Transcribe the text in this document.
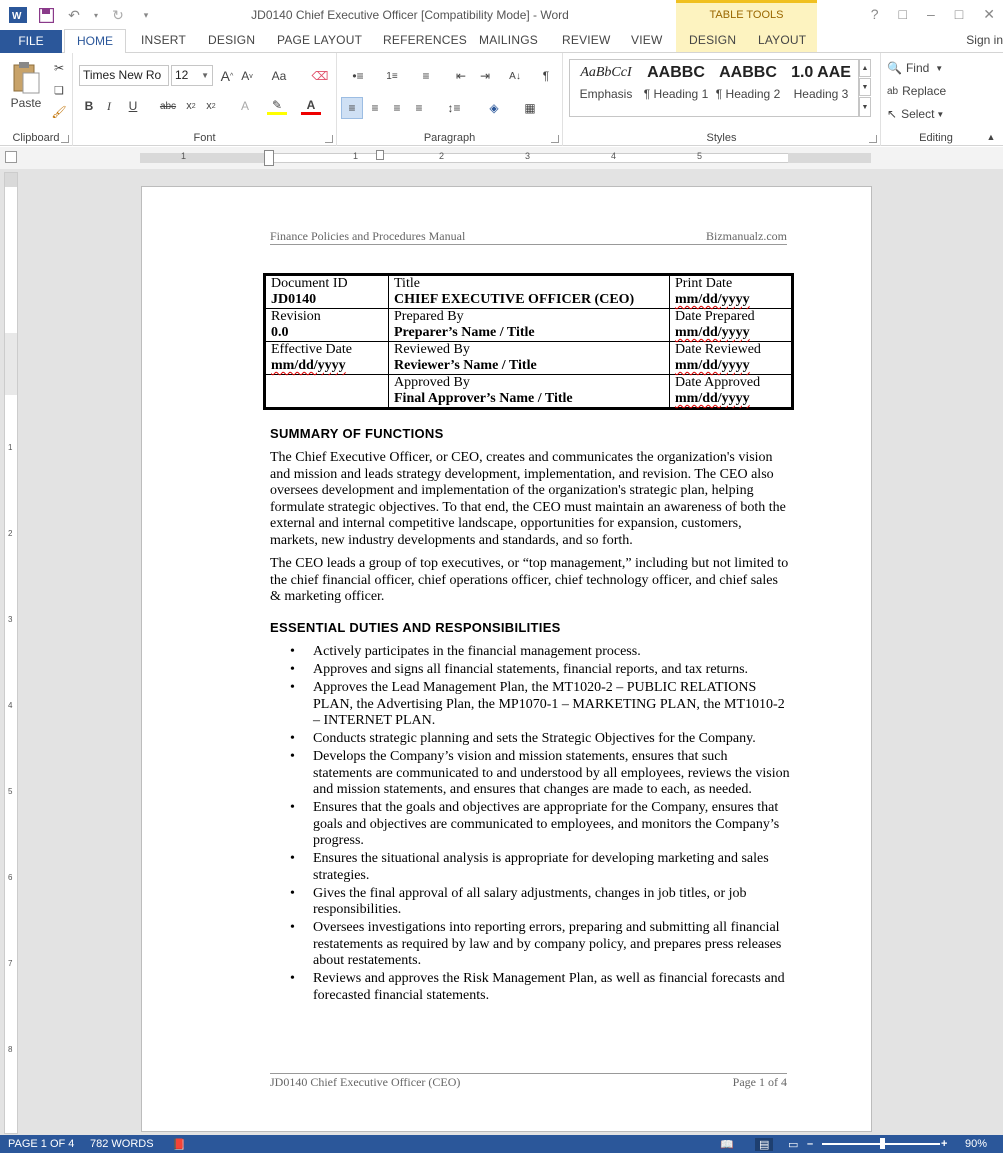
W	↶	▾ ↻	▾	JD0140 Chief Executive Officer [Compatibility Mode] - Word	TABLE TOOLS	? □ – □ ✕
FILE	HOME	INSERT DESIGN PAGE LAYOUT REFERENCES MAILINGS REVIEW VIEW DESIGN LAYOUT	Sign in
Paste
✂
❏
🖌
Clipboard
Times New Ro	12 ▼ A ^ A v Aa ⌫
B	I	U	abc x 2 x 2	A	✎	A
Font
•≡	1≡	≡	⇤	⇥	A↓	¶
≡	≡	≡	≡	↕≡	◈	▦
Paragraph
AaBbCcI
Emphasis
AABBC
¶ Heading 1
AABBC
¶ Heading 2
1.0 AAE
Heading 3
▲
▼
▼
Styles
🔍 Find ▼
ab Replace
↖ Select ▼
Editing	▲
1	1	2	3	4	5
1
2
3
4
5
6
7
8
Finance Policies and Procedures Manual	Bizmanualz.com
Document ID
JD0140	Title
CHIEF EXECUTIVE OFFICER (CEO)	Print Date
mm/dd/yyyy

Revision
0.0	Prepared By
Preparer’s Name / Title	Date Prepared
mm/dd/yyyy

Effective Date
mm/dd/yyyy	Reviewed By
Reviewer’s Name / Title	Date Reviewed
mm/dd/yyyy

	Approved By
Final Approver’s Name / Title	Date Approved
mm/dd/yyyy
SUMMARY OF FUNCTIONS

The Chief Executive Officer, or CEO, creates and communicates the organization's vision and mission and leads strategy development, implementation, and revision. The CEO also oversees development and implementation of the organization's strategic plan, helping formulate strategic objectives. To that end, the CEO must maintain an awareness of both the external and internal competitive landscape, opportunities for expansion, customers, markets, new industry developments and standards, and so forth.

The CEO leads a group of top executives, or “top management,” including but not limited to the chief financial officer, chief operations officer, chief technology officer, and chief sales & marketing officer.

ESSENTIAL DUTIES AND RESPONSIBILITIES
• Actively participates in the financial management process.
• Approves and signs all financial statements, financial reports, and tax returns.
• Approves the Lead Management Plan, the MT1020-2 – PUBLIC RELATIONS PLAN, the Advertising Plan, the MP1070-1 – MARKETING PLAN, the MT1010-2 – INTERNET PLAN.
• Conducts strategic planning and sets the Strategic Objectives for the Company.
• Develops the Company’s vision and mission statements, ensures that such statements are communicated to and understood by all employees, reviews the vision and mission statements, and ensures that changes are made to each, as needed.
• Ensures that the goals and objectives are appropriate for the Company, ensures that goals and objectives are communicated to employees, and monitors the Company’s progress.
• Ensures the situational analysis is appropriate for developing marketing and sales strategies.
• Gives the final approval of all salary adjustments, changes in job titles, or job responsibilities.
• Oversees investigations into reporting errors, preparing and submitting all financial restatements as required by law and by company policy, and prepares press releases about restatements.
• Reviews and approves the Risk Management Plan, as well as financial forecasts and forecasted financial statements.
JD0140 Chief Executive Officer (CEO)	Page 1 of 4
PAGE 1 OF 4 782 WORDS 📕	📖	▤	▭ –	+ 90%
